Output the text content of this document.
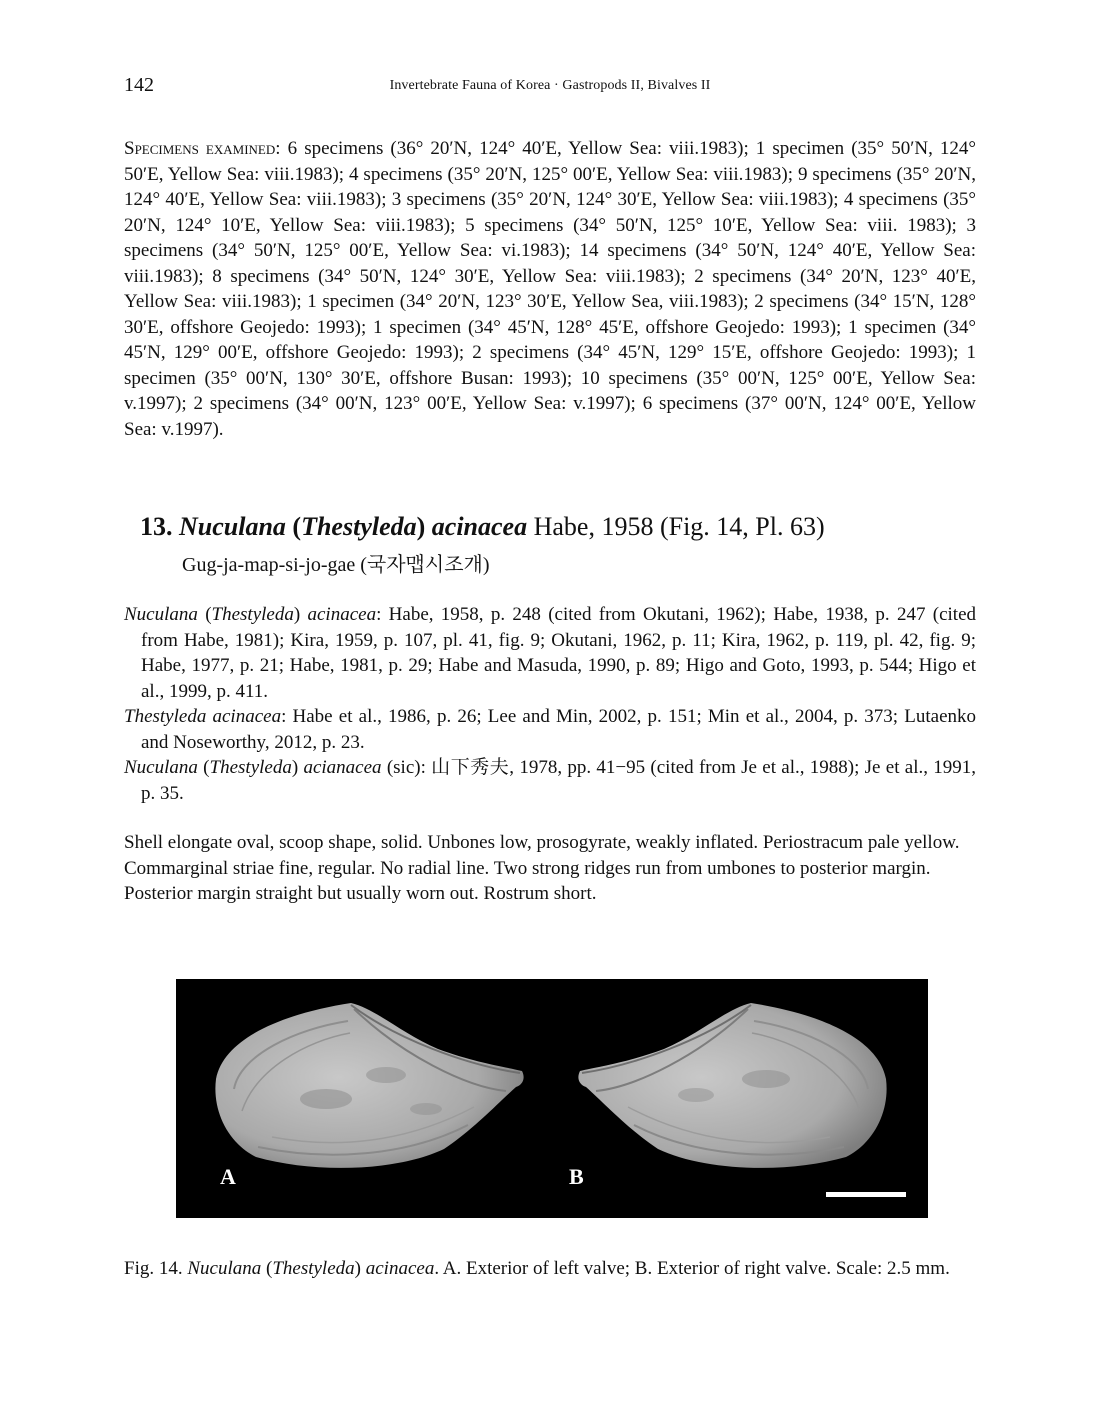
142	Invertebrate Fauna of Korea · Gastropods II, Bivalves II

Specimens examined: 6 specimens (36° 20′N, 124° 40′E, Yellow Sea: viii.1983); 1 specimen (35° 50′N, 124° 50′E, Yellow Sea: viii.1983); 4 specimens (35° 20′N, 125° 00′E, Yellow Sea: viii.1983); 9 specimens (35° 20′N, 124° 40′E, Yellow Sea: viii.1983); 3 specimens (35° 20′N, 124° 30′E, Yellow Sea: viii.1983); 4 specimens (35° 20′N, 124° 10′E, Yellow Sea: viii.1983); 5 specimens (34° 50′N, 125° 10′E, Yellow Sea: viii. 1983); 3 specimens (34° 50′N, 125° 00′E, Yellow Sea: vi.1983); 14 specimens (34° 50′N, 124° 40′E, Yellow Sea: viii.1983); 8 specimens (34° 50′N, 124° 30′E, Yellow Sea: viii.1983); 2 specimens (34° 20′N, 123° 40′E, Yellow Sea: viii.1983); 1 specimen (34° 20′N, 123° 30′E, Yellow Sea, viii.1983); 2 specimens (34° 15′N, 128° 30′E, offshore Geojedo: 1993); 1 specimen (34° 45′N, 128° 45′E, offshore Geojedo: 1993); 1 specimen (34° 45′N, 129° 00′E, offshore Geojedo: 1993); 2 specimens (34° 45′N, 129° 15′E, offshore Geojedo: 1993); 1 specimen (35° 00′N, 130° 30′E, offshore Busan: 1993); 10 specimens (35° 00′N, 125° 00′E, Yellow Sea: v.1997); 2 specimens (34° 00′N, 123° 00′E, Yellow Sea: v.1997); 6 specimens (37° 00′N, 124° 00′E, Yellow Sea: v.1997).

13. Nuculana (Thestyleda) acinacea Habe, 1958 (Fig. 14, Pl. 63)
Gug-ja-map-si-jo-gae (국자맵시조개)
Nuculana (Thestyleda) acinacea: Habe, 1958, p. 248 (cited from Okutani, 1962); Habe, 1938, p. 247 (cited from Habe, 1981); Kira, 1959, p. 107, pl. 41, fig. 9; Okutani, 1962, p. 11; Kira, 1962, p. 119, pl. 42, fig. 9; Habe, 1977, p. 21; Habe, 1981, p. 29; Habe and Masuda, 1990, p. 89; Higo and Goto, 1993, p. 544; Higo et al., 1999, p. 411.
Thestyleda acinacea: Habe et al., 1986, p. 26; Lee and Min, 2002, p. 151; Min et al., 2004, p. 373; Lutaenko and Noseworthy, 2012, p. 23.
Nuculana (Thestyleda) acianacea (sic): 山下秀夫, 1978, pp. 41−95 (cited from Je et al., 1988); Je et al., 1991, p. 35.

Shell elongate oval, scoop shape, solid. Unbones low, prosogyrate, weakly inflated. Periostracum pale yellow. Commarginal striae fine, regular. No radial line. Two strong ridges run from umbones to posterior margin. Posterior margin straight but usually worn out. Rostrum short.

A	B

Fig. 14. Nuculana (Thestyleda) acinacea. A. Exterior of left valve; B. Exterior of right valve. Scale: 2.5 mm.
